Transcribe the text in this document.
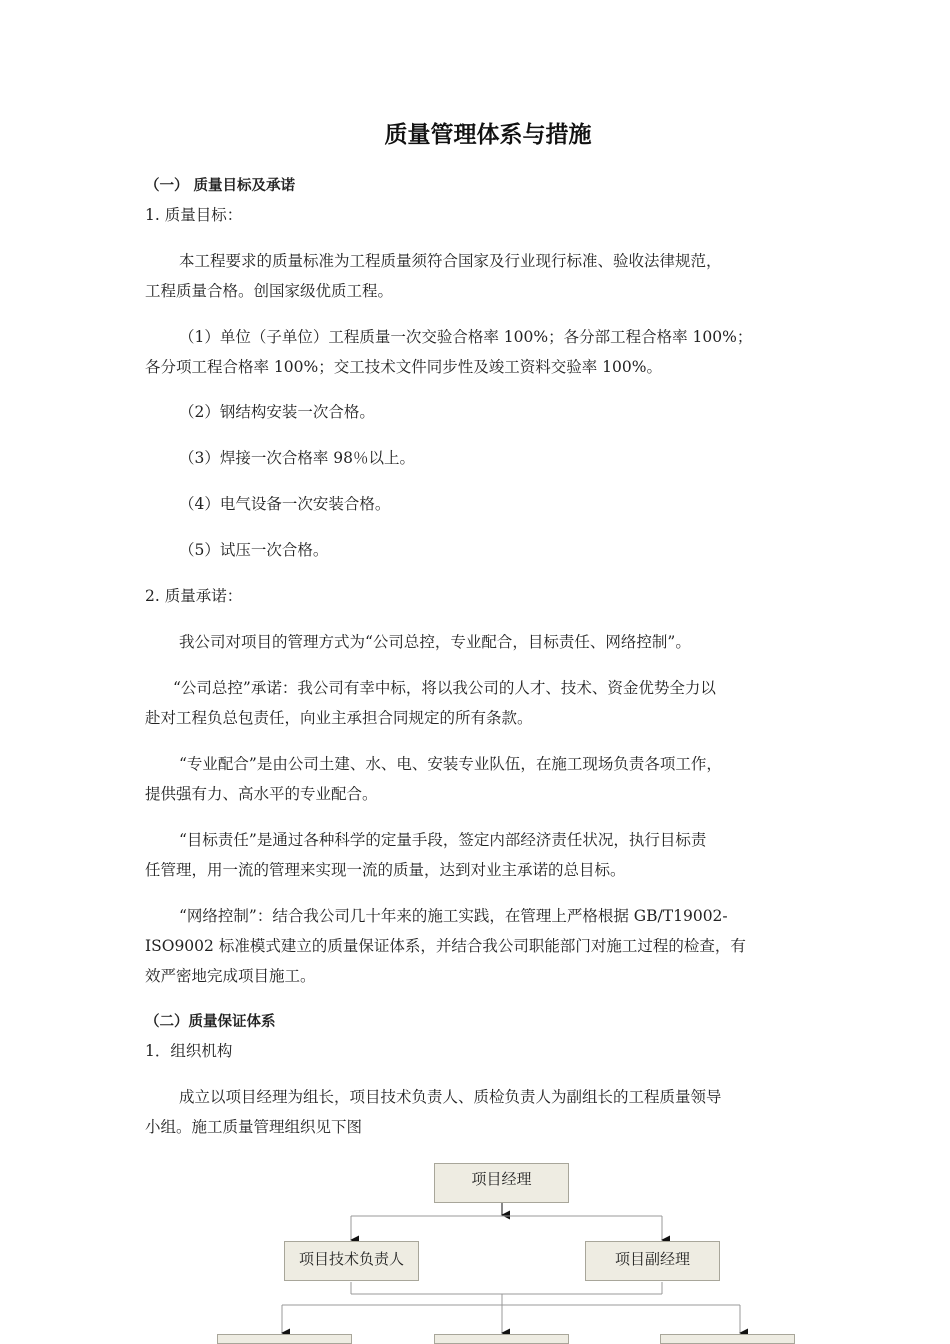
质量管理体系与措施
（一） 质量目标及承诺
1. 质量目标：
本工程要求的质量标准为工程质量须符合国家及行业现行标准、验收法律规范，
工程质量合格。创国家级优质工程。
（1）单位（子单位）工程质量一次交验合格率 100%；各分部工程合格率 100%；
各分项工程合格率 100%；交工技术文件同步性及竣工资料交验率 100%。
（2）钢结构安装一次合格。
（3）焊接一次合格率 98％以上。
（4）电气设备一次安装合格。
（5）试压一次合格。
2. 质量承诺：
我公司对项目的管理方式为“公司总控，专业配合，目标责任、网络控制”。
“公司总控”承诺：我公司有幸中标，将以我公司的人才、技术、资金优势全力以
赴对工程负总包责任，向业主承担合同规定的所有条款。
“专业配合”是由公司土建、水、电、安装专业队伍，在施工现场负责各项工作，
提供强有力、高水平的专业配合。
“目标责任”是通过各种科学的定量手段，签定内部经济责任状况，执行目标责
任管理，用一流的管理来实现一流的质量，达到对业主承诺的总目标。
“网络控制”：结合我公司几十年来的施工实践，在管理上严格根据 GB/T19002-
ISO9002 标准模式建立的质量保证体系，并结合我公司职能部门对施工过程的检查，有
效严密地完成项目施工。
（二）质量保证体系
1．组织机构
成立以项目经理为组长，项目技术负责人、质检负责人为副组长的工程质量领导
小组。施工质量管理组织见下图
项目经理
项目技术负责人	项目副经理
